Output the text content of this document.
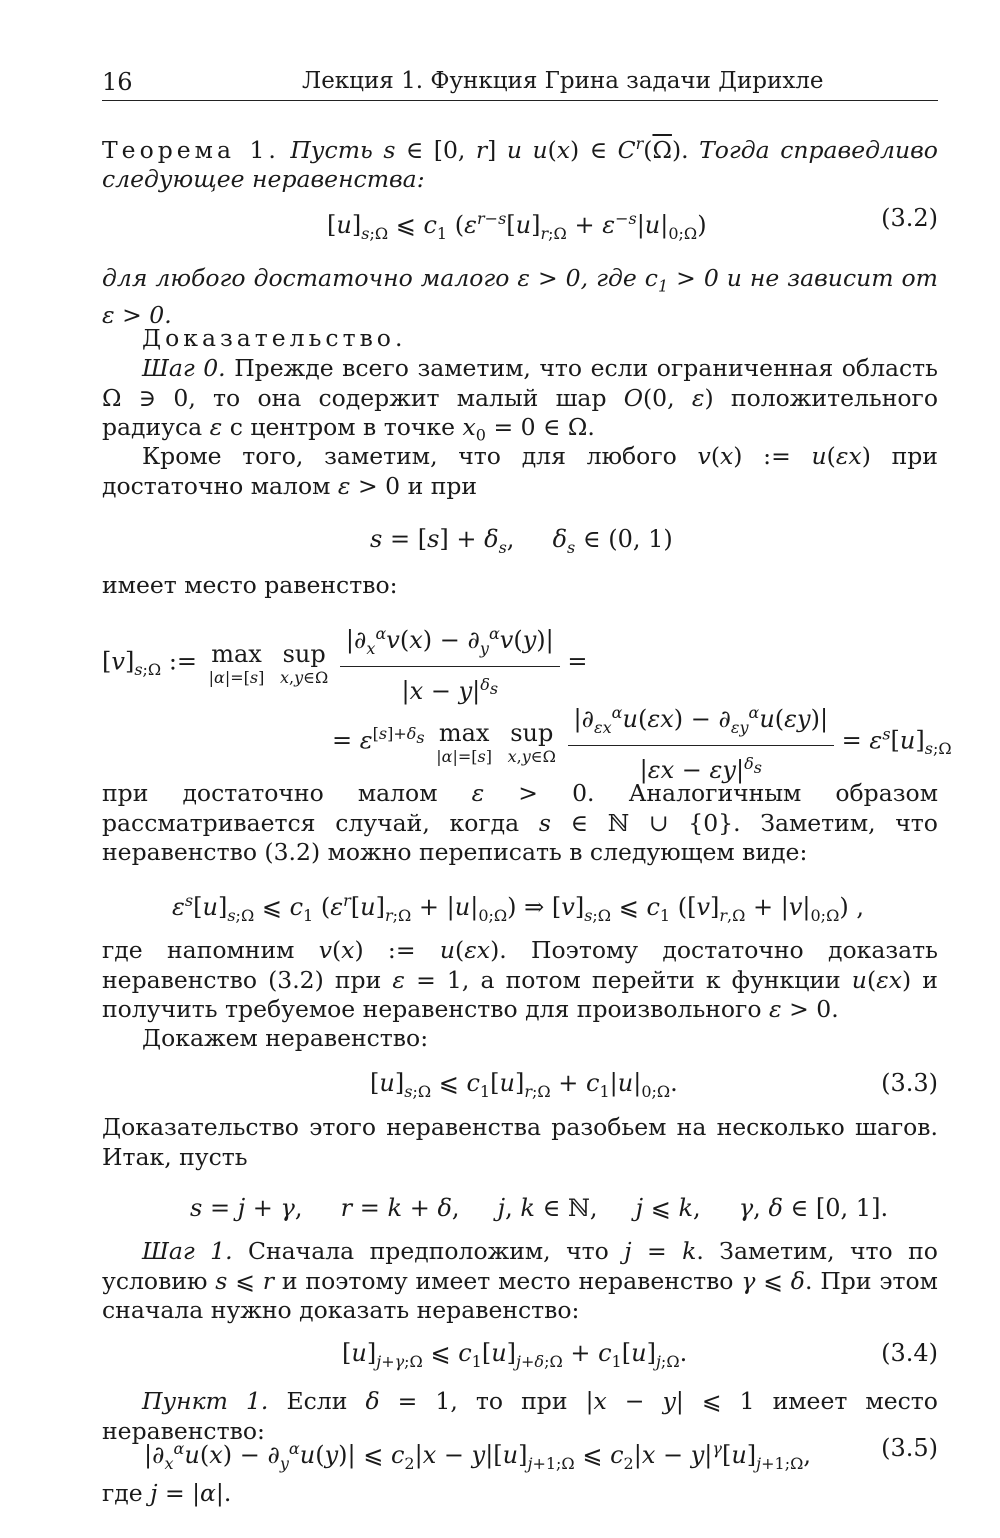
16	Лекция 1. Функция Грина задачи Дирихле

Теорема 1. Пусть s ∈ [0, r] и u(x) ∈ $C^r(\overline{\Omega})$. Тогда справедливо следующее неравенства:

$[u]_{s;\Omega}$ ⩽ $c_1$ $(\varepsilon^{r-s}[u]_{r;\Omega} + \varepsilon^{-s}|u|_{0;\Omega})$	(3.2)

для любого достаточно малого ε > 0, где $c_1 > 0$ и не зависит от ε > 0.

Доказательство.

Шаг 0. Прежде всего заметим, что если ограниченная область Ω ∋ 0, то она содержит малый шар O(0, ε) положительного радиуса ε с центром в точке $x_0 = 0$ ∈ Ω.

Кроме того, заметим, что для любого v(x) := u(εx) при достаточно малом ε > 0 и при

$s = [s] + \delta_s$,     $\delta_s$ ∈ (0, 1)

имеет место равенство:

$[v]_{s;\Omega}$ := max
|α|=[s]

sup
x,y∈Ω
$\frac{|\partial_x^\alpha v(x) - \partial_y^\alpha v(y)|}{|x - y|^{\delta_s}}$ =
= $\varepsilon^{[s]+\delta_s}$ max
|α|=[s]

sup
x,y∈Ω
$\frac{|\partial_{\varepsilon x}^\alpha u(\varepsilon x) - \partial_{\varepsilon y}^\alpha u(\varepsilon y)|}{|\varepsilon x - \varepsilon y|^{\delta_s}} = \varepsilon^s[u]_{s;\Omega}$

при достаточно малом ε > 0. Аналогичным образом рассматривается случай, когда s ∈ ℕ ∪ {0}. Заметим, что неравенство (3.2) можно переписать в следующем виде:

$\varepsilon^s[u]_{s;\Omega}$ ⩽ $c_1$ $(\varepsilon^r[u]_{r;\Omega} + |u|_{0;\Omega})$ ⇒ $[v]_{s;\Omega}$ ⩽ $c_1$ $([v]_{r,\Omega} + |v|_{0;\Omega})$ ,

где напомним v(x) := u(εx). Поэтому достаточно доказать неравенство (3.2) при ε = 1, а потом перейти к функции u(εx) и получить требуемое неравенство для произвольного ε > 0.

Докажем неравенство:

$[u]_{s;\Omega}$ ⩽ $c_1[u]_{r;\Omega} + c_1|u|_{0;\Omega}$.	(3.3)

Доказательство этого неравенства разобьем на несколько шагов. Итак, пусть

s = j + γ,     r = k + δ,     j, k ∈ ℕ,     j ⩽ k,     γ, δ ∈ [0, 1].

Шаг 1. Сначала предположим, что j = k. Заметим, что по условию s ⩽ r и поэтому имеет место неравенство γ ⩽ δ. При этом сначала нужно доказать неравенство:

$[u]_{j+\gamma;\Omega}$ ⩽ $c_1[u]_{j+\delta;\Omega} + c_1[u]_{j;\Omega}$.	(3.4)

Пункт 1. Если δ = 1, то при |x − y| ⩽ 1 имеет место неравенство:

$|\partial_x^\alpha u(x) - \partial_y^\alpha u(y)|$ ⩽ $c_2|x - y|[u]_{j+1;\Omega}$ ⩽ $c_2|x - y|^\gamma[u]_{j+1;\Omega}$,	(3.5)

где j = |α|.
